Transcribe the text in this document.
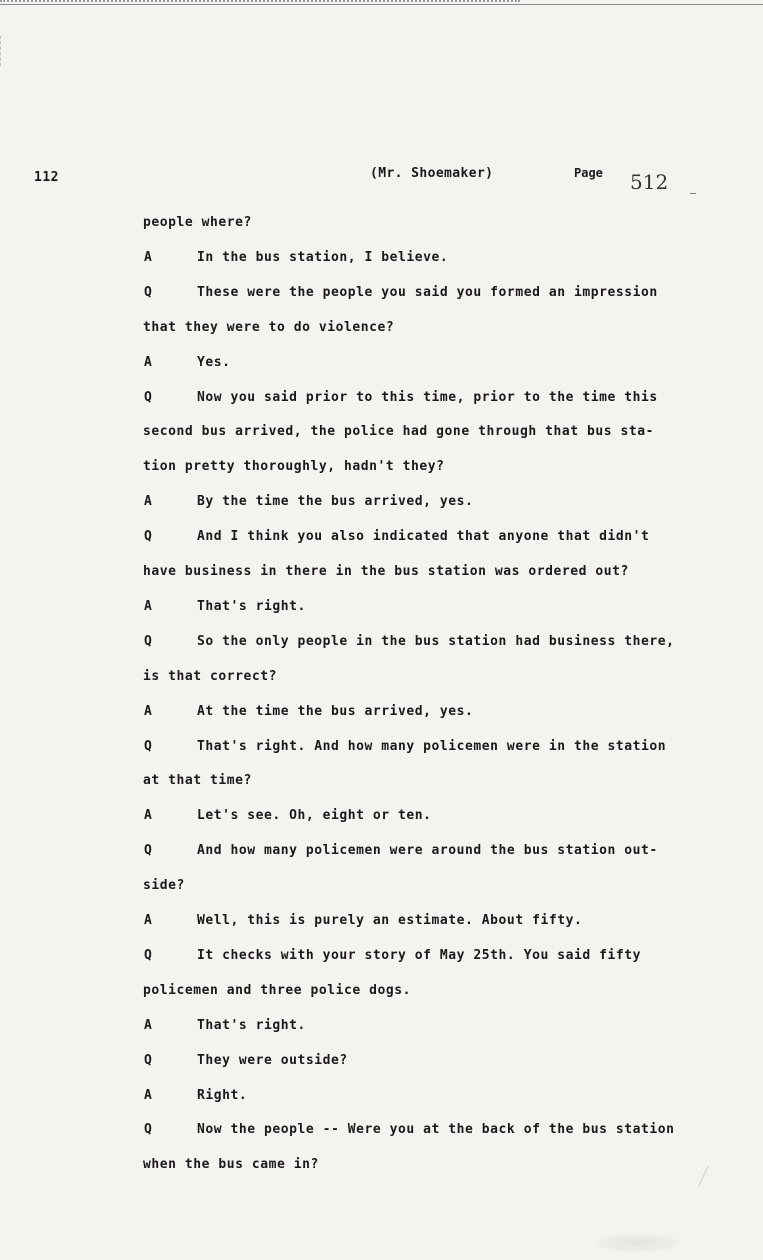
112	(Mr. Shoemaker)	Page 512
people where?
A	In the bus station, I believe.
Q	These were the people you said you formed an impression
that they were to do violence?
A	Yes.
Q	Now you said prior to this time, prior to the time this
second bus arrived, the police had gone through that bus sta-
tion pretty thoroughly, hadn't they?
A	By the time the bus arrived, yes.
Q	And I think you also indicated that anyone that didn't
have business in there in the bus station was ordered out?
A	That's right.
Q	So the only people in the bus station had business there,
is that correct?
A	At the time the bus arrived, yes.
Q	That's right. And how many policemen were in the station
at that time?
A	Let's see. Oh, eight or ten.
Q	And how many policemen were around the bus station out-
side?
A	Well, this is purely an estimate. About fifty.
Q	It checks with your story of May 25th. You said fifty
policemen and three police dogs.
A	That's right.
Q	They were outside?
A	Right.
Q	Now the people -- Were you at the back of the bus station
when the bus came in?
